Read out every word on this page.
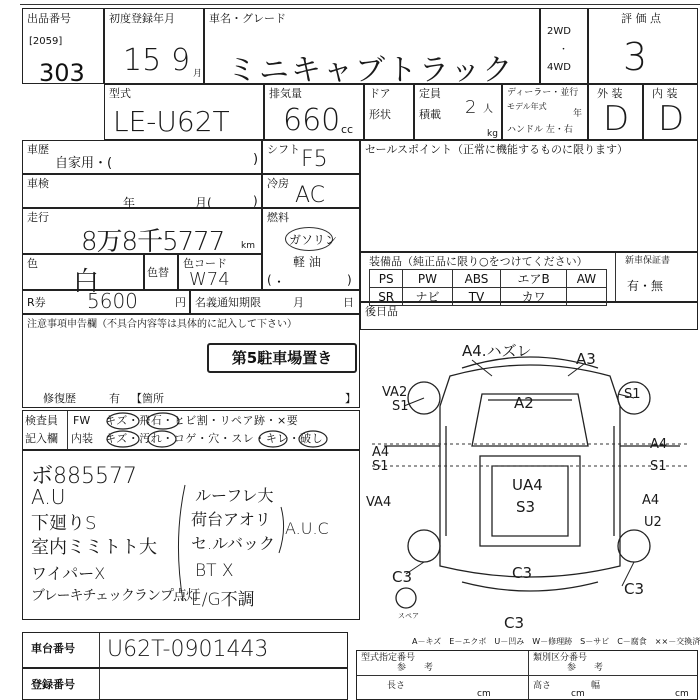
出品番号
[2059]
303
初度登録年月
15 9 月
車名・グレード
ミニキャブトラック
2WD
・
4WD
評 価 点
3
型式
LE-U62T
排気量
660 cc
ドア
形状
定員
2 人
積載
kg
ディーラー・並行
モデル年式
年
ハンドル 左・右
外 装
D
内 装
D
車歴
自家用・(	)
シフト F5
車検
年	月(	)
冷房 AC
走行
8万8千5777 km
燃料
ガソリン
軽 油
・
(	)
色
白	色替
色コード
W74
R券 5600	円 名義通知期限	月	日
セールスポイント（正常に機能するものに限ります）
装備品（純正品に限り○をつけてください）
PS	PW	ABS	エアB	AW
SR	ナビ	TV	カワ	
新車保証書
有・無
後日品
注意事項申告欄（不具合内容等は具体的に記入して下さい）
第5駐車場置き
修復歴	有 【箇所	】
検査員
記入欄
FW キズ・飛石・ヒビ割・リペア跡・×要
内装 キズ・汚れ・コゲ・穴・スレ・キレ・破し
ボ885577
A.U
下廻りS
室内ミミトト大
ワイパーX
ブレーキチェックランプ点灯
ルーフレ大
荷台アオリ
セ.ルバック
A.U.C
BT X
E/G不調
A4.ハズレ	A3
A2
VA2
S1
S1
A4
S1
A4
S1
VA4
UA4
S3	A4
U2
C3	C3
C3
C3
スペア
車台番号 U62T-0901443
登録番号
A－キズ　E－エクボ　U－凹み　W－修理跡　S－サビ　C－腐食　××－交換済
型式指定番号
参　　考
類別区分番号
参　　考
長さ
cm
高さ
cm
幅
cm
